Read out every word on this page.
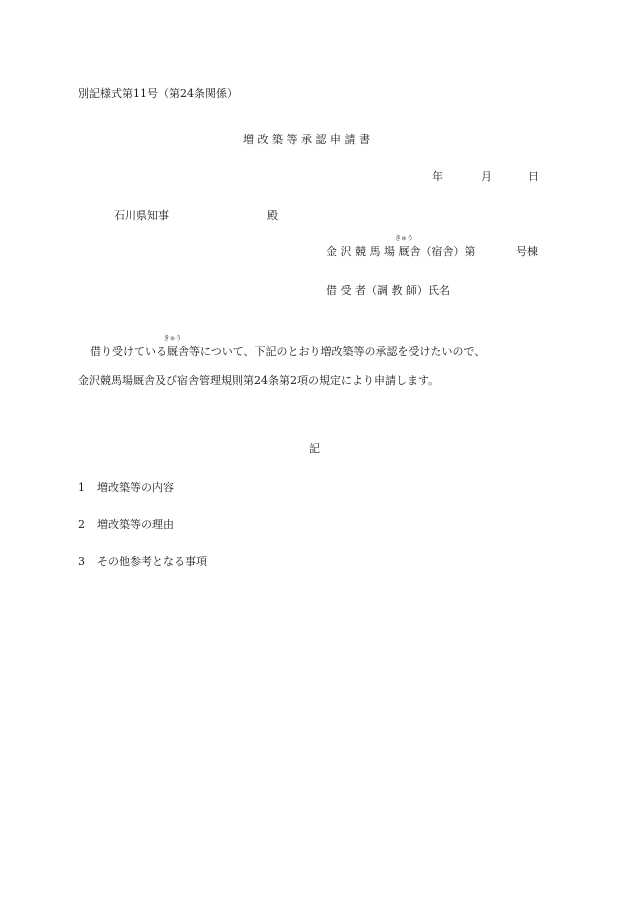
別記様式第11号（第24条関係）
増 改 築 等 承 認 申 請 書
年	月	日
石川県知事	殿
金 沢 競 馬 場
きゅう
厩舎（宿舎）第	号棟
借 受 者（調 教 師）氏名
借り受けている
きゅう
厩舎等について、下記のとおり増改築等の承認を受けたいので、
金沢競馬場厩舎及び宿舎管理規則第24条第2項の規定により申請します。
記
1 増改築等の内容
2 増改築等の理由
3 その他参考となる事項
